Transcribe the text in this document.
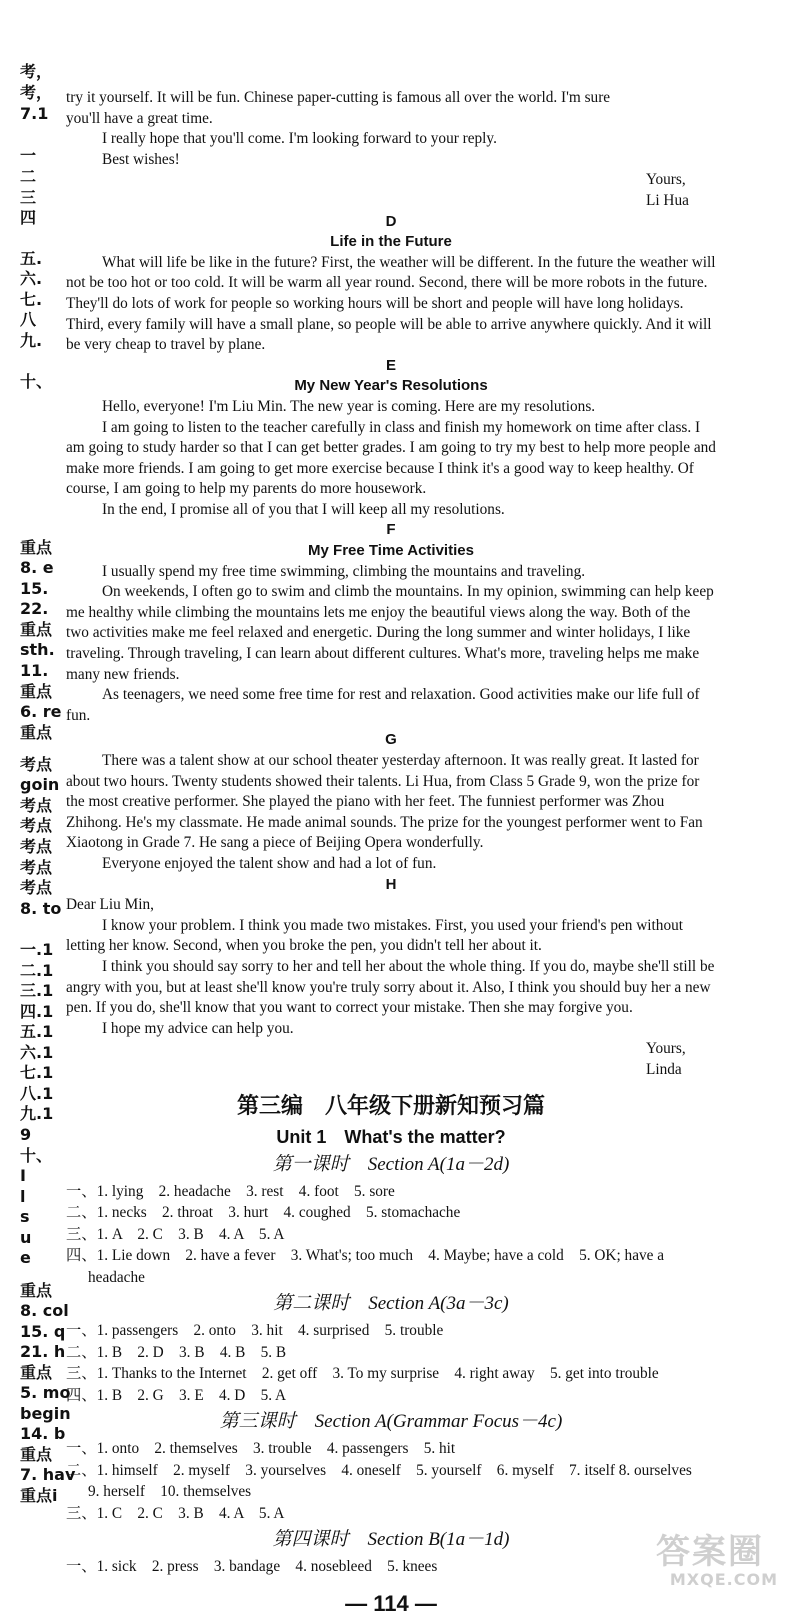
考，
考，
7.1
一
二
三
四
五.
六.
七.
八
九.
十、
重点
8. e
15.
22.
重点
sth.
11.
重点
6. re
重点
考点
goin
考点
考点
考点
考点
考点
8. to
一.1
二.1
三.1
四.1
五.1
六.1
七.1
八.1
九.1
9
十、
I
l
s
u
e
重点
8. col
15. q
21. h
重点
5. mo
begin
14. b
重点
7. hav
重点i

try it yourself. It will be fun. Chinese paper-cutting is famous all over the world. I'm sure

you'll have a great time.

I really hope that you'll come. I'm looking forward to your reply.

Best wishes!

Yours,

Li Hua

D

Life in the Future

What will life be like in the future? First, the weather will be different. In the future the weather will not be too hot or too cold. It will be warm all year round. Second, there will be more robots in the future. They'll do lots of work for people so working hours will be short and people will have long holidays. Third, every family will have a small plane, so people will be able to arrive anywhere quickly. And it will be very cheap to travel by plane.

E

My New Year's Resolutions

Hello, everyone! I'm Liu Min. The new year is coming. Here are my resolutions.

I am going to listen to the teacher carefully in class and finish my homework on time after class. I am going to study harder so that I can get better grades. I am going to try my best to help more people and make more friends. I am going to get more exercise because I think it's a good way to keep healthy. Of course, I am going to help my parents do more housework.

In the end, I promise all of you that I will keep all my resolutions.

F

My Free Time Activities

I usually spend my free time swimming, climbing the mountains and traveling.

On weekends, I often go to swim and climb the mountains. In my opinion, swimming can help keep me healthy while climbing the mountains lets me enjoy the beautiful views along the way. Both of the two activities make me feel relaxed and energetic. During the long summer and winter holidays, I like traveling. Through traveling, I can learn about different cultures. What's more, traveling helps me make many new friends.

As teenagers, we need some free time for rest and relaxation. Good activities make our life full of fun.

G

There was a talent show at our school theater yesterday afternoon. It was really great. It lasted for about two hours. Twenty students showed their talents. Li Hua, from Class 5 Grade 9, won the prize for the most creative performer. She played the piano with her feet. The funniest performer was Zhou Zhihong. He's my classmate. He made animal sounds. The prize for the youngest performer went to Fan Xiaotong in Grade 7. He sang a piece of Beijing Opera wonderfully.

Everyone enjoyed the talent show and had a lot of fun.

H

Dear Liu Min,

I know your problem. I think you made two mistakes. First, you used your friend's pen without letting her know. Second, when you broke the pen, you didn't tell her about it.

I think you should say sorry to her and tell her about the whole thing. If you do, maybe she'll still be angry with you, but at least she'll know you're truly sorry about it. Also, I think you should buy her a new pen. If you do, she'll know that you want to correct your mistake. Then she may forgive you.

I hope my advice can help you.

Yours,

Linda

第三编　八年级下册新知预习篇

Unit 1　What's the matter?

第一课时　Section A(1a－2d)

一、1. lying　2. headache　3. rest　4. foot　5. sore

二、1. necks　2. throat　3. hurt　4. coughed　5. stomachache

三、1. A　2. C　3. B　4. A　5. A

四、1. Lie down　2. have a fever　3. What's; too much　4. Maybe; have a cold　5. OK; have a headache

第二课时　Section A(3a－3c)

一、1. passengers　2. onto　3. hit　4. surprised　5. trouble

二、1. B　2. D　3. B　4. B　5. B

三、1. Thanks to the Internet　2. get off　3. To my surprise　4. right away　5. get into trouble

四、1. B　2. G　3. E　4. D　5. A

第三课时　Section A(Grammar Focus－4c)

一、1. onto　2. themselves　3. trouble　4. passengers　5. hit

二、1. himself　2. myself　3. yourselves　4. oneself　5. yourself　6. myself　7. itself 8. ourselves　9. herself　10. themselves

三、1. C　2. C　3. B　4. A　5. A

第四课时　Section B(1a－1d)

一、1. sick　2. press　3. bandage　4. nosebleed　5. knees

— 114 —

答案圈
MXQE.COM
